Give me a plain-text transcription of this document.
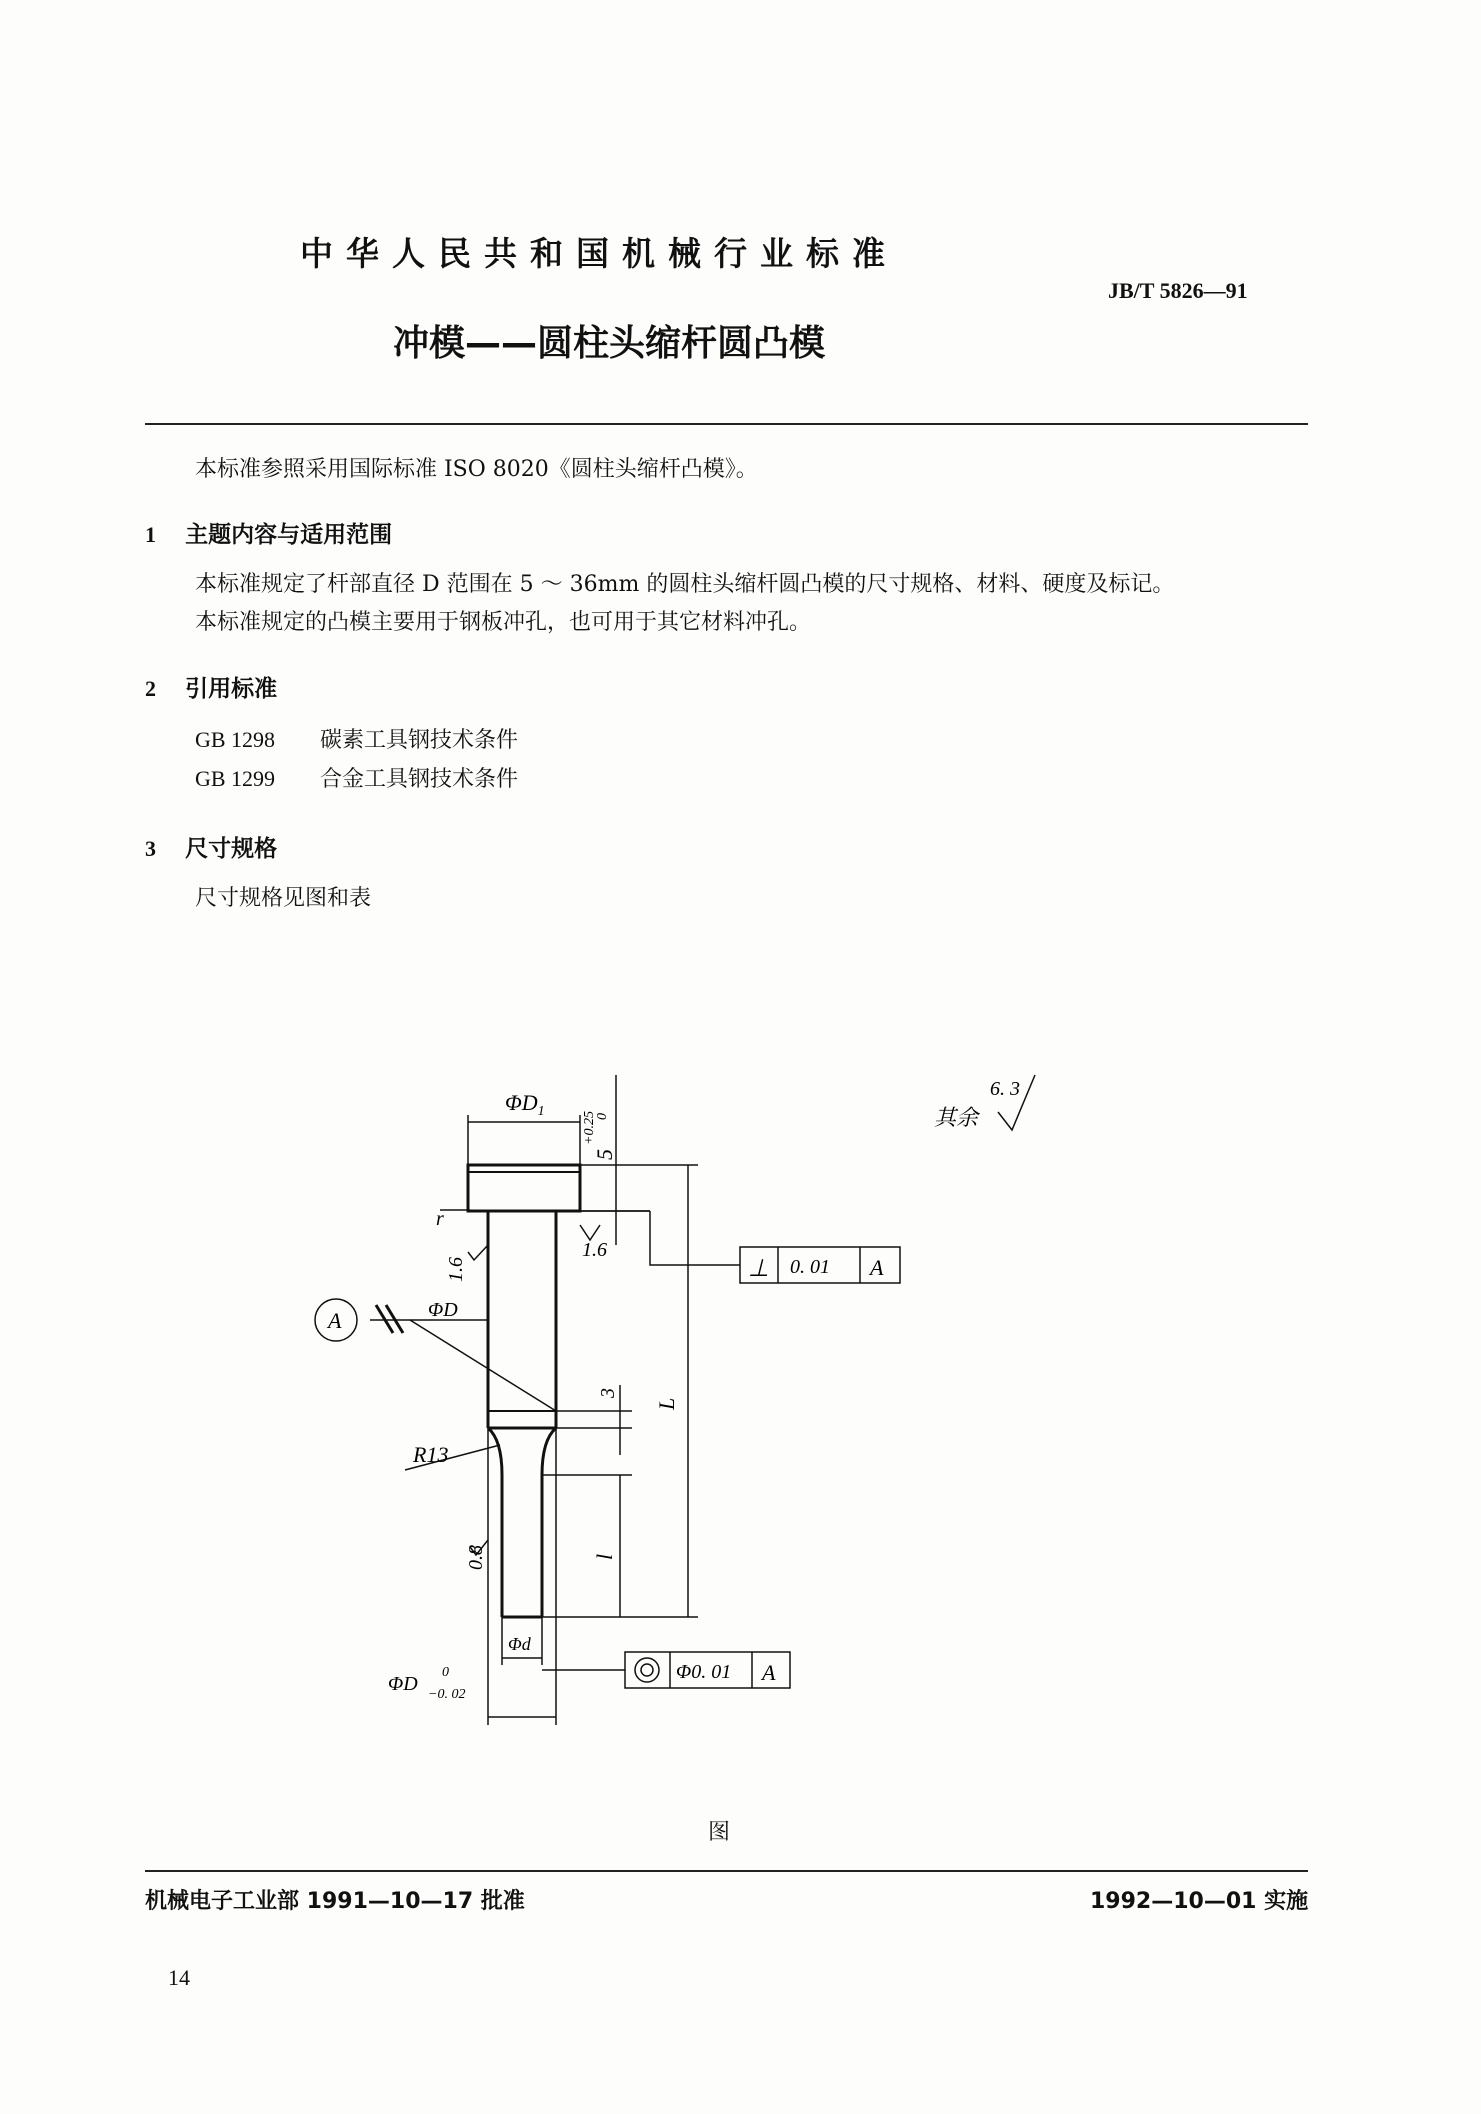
中华人民共和国机械行业标准
JB/T 5826—91
冲模——圆柱头缩杆圆凸模
本标准参照采用国际标准 ISO 8020《圆柱头缩杆凸模》。
1 主题内容与适用范围
本标准规定了杆部直径 D 范围在 5 ～ 36mm 的圆柱头缩杆圆凸模的尺寸规格、材料、硬度及标记。
本标准规定的凸模主要用于钢板冲孔，也可用于其它材料冲孔。
2 引用标准
GB 1298 碳素工具钢技术条件
GB 1299 合金工具钢技术条件
3 尺寸规格
尺寸规格见图和表
$\Phi D_1$
5
+0.25
0
r
1.6
1.6
A	ΦD
3
L
R13
0.8	l
Φd
ΦD
0
−0. 02
⊥ 0. 01 A
Φ0. 01 A
其余
6. 3
图
机械电子工业部 1991—10—17 批准	1992—10—01 实施
14
